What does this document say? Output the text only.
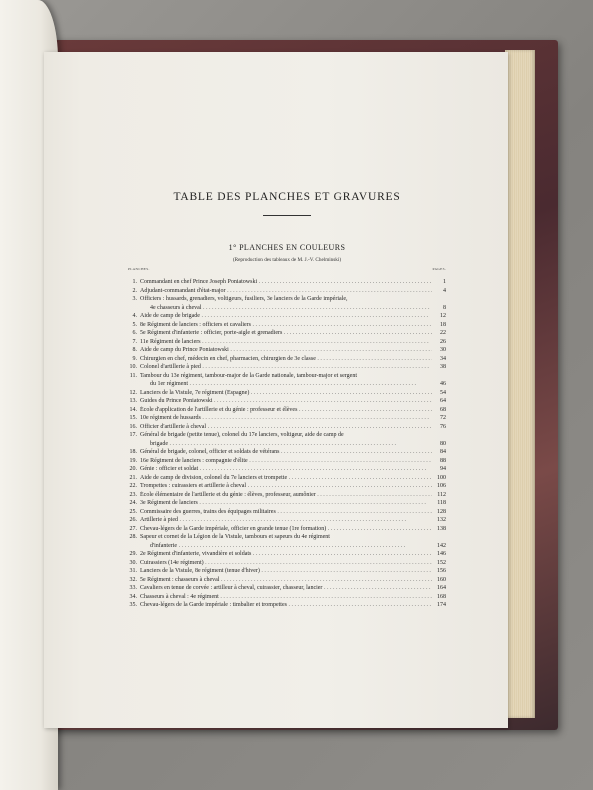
TABLE DES PLANCHES ET GRAVURES
1° PLANCHES EN COULEURS
(Reproduction des tableaux de M. J.-V. Chelminski)
PLANCHES.	PAGES.
1. Commandant en chef Prince Joseph Poniatowski . . .	1
2. Adjudant-commandant d'état-major . . .	4
3. Officiers : hussards, grenadiers, voltigeurs, fusiliers, 3e lanciers de la Garde impériale,
4e chasseurs à cheval . . .	8
4. Aide de camp de brigade . . .	12
5. 8e Régiment de lanciers : officiers et cavaliers . . .	18
6. 5e Régiment d'infanterie : officier, porte-aigle et grenadiers . . .	22
7. 11e Régiment de lanciers . . .	26
8. Aide de camp du Prince Poniatowski . . .	30
9. Chirurgien en chef, médecin en chef, pharmacien, chirurgien de 3e classe . . .	34
10. Colonel d'artillerie à pied . . .	38
11. Tambour du 13e régiment, tambour-major de la Garde nationale, tambour-major et sergent
du 1er régiment . . .	46
12. Lanciers de la Vistule, 7e régiment (Espagne) . . .	54
13. Guides du Prince Poniatowski . . .	64
14. École d'application de l'artillerie et du génie : professeur et élèves . . .	68
15. 10e régiment de hussards . . .	72
16. Officier d'artillerie à cheval . . .	76
17. Général de brigade (petite tenue), colonel du 17e lanciers, voltigeur, aide de camp de
brigade . . .	80
18. Général de brigade, colonel, officier et soldats de vétérans . . .	84
19. 16e Régiment de lanciers : compagnie d'élite . . .	88
20. Génie : officier et soldat . . .	94
21. Aide de camp de division, colonel du 7e lanciers et trompette . . .	100
22. Trompettes : cuirassiers et artillerie à cheval . . .	106
23. École élémentaire de l'artillerie et du génie : élèves, professeur, aumônier . . .	112
24. 3e Régiment de lanciers . . .	118
25. Commissaire des guerres, trains des équipages militaires . . .	128
26. Artillerie à pied . . .	132
27. Chevau-légers de la Garde impériale, officier en grande tenue (1re formation) . . .	138
28. Sapeur et cornet de la Légion de la Vistule, tambours et sapeurs du 4e régiment
d'infanterie . . .	142
29. 2e Régiment d'infanterie, vivandière et soldats . . .	146
30. Cuirassiers (14e régiment) . . .	152
31. Lanciers de la Vistule, 8e régiment (tenue d'hiver) . . .	156
32. 5e Régiment : chasseurs à cheval . . .	160
33. Cavaliers en tenue de corvée : artilleur à cheval, cuirassier, chasseur, lancier . . .	164
34. Chasseurs à cheval : 4e régiment . . .	168
35. Chevau-légers de la Garde impériale : timbalier et trompettes . . .	174
